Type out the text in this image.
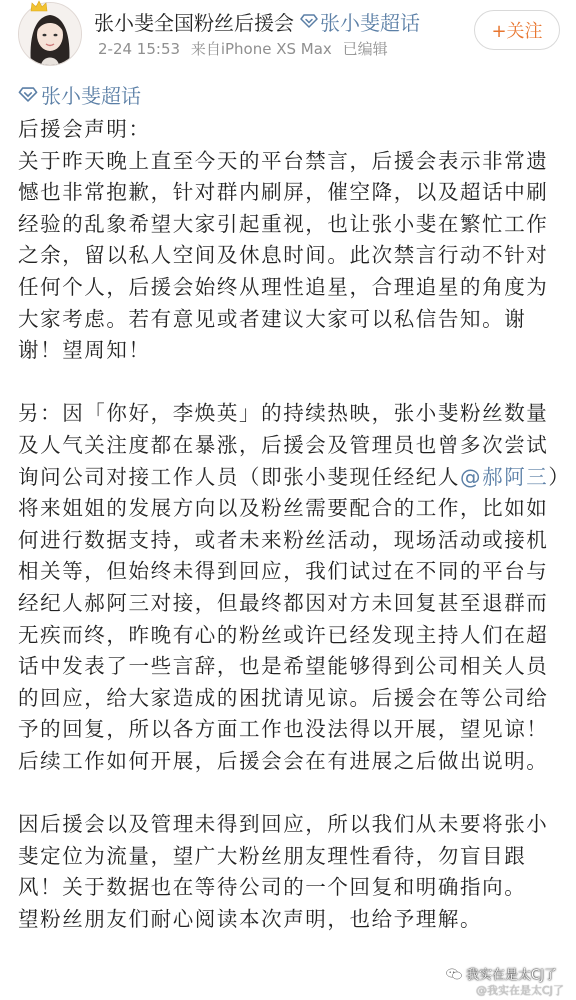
张小斐全国粉丝后援会 张小斐超话
2-24 15:53 来自iPhone XS Max 已编辑
+关注
张小斐超话

后援会声明：

关于昨天晚上直至今天的平台禁言，后援会表示非常遗憾也非常抱歉，针对群内刷屏，催空降，以及超话中刷经验的乱象希望大家引起重视，也让张小斐在繁忙工作之余，留以私人空间及休息时间。此次禁言行动不针对任何个人，后援会始终从理性追星，合理追星的角度为大家考虑。若有意见或者建议大家可以私信告知。谢谢！望周知！

另：因「你好，李焕英」的持续热映，张小斐粉丝数量及人气关注度都在暴涨，后援会及管理员也曾多次尝试询问公司对接工作人员（即张小斐现任经纪人@郝阿三）将来姐姐的发展方向以及粉丝需要配合的工作，比如如何进行数据支持，或者未来粉丝活动，现场活动或接机相关等，但始终未得到回应，我们试过在不同的平台与经纪人郝阿三对接，但最终都因对方未回复甚至退群而无疾而终，昨晚有心的粉丝或许已经发现主持人们在超话中发表了一些言辞，也是希望能够得到公司相关人员的回应，给大家造成的困扰请见谅。后援会在等公司给予的回复，所以各方面工作也没法得以开展，望见谅！后续工作如何开展，后援会会在有进展之后做出说明。

因后援会以及管理未得到回应，所以我们从未要将张小斐定位为流量，望广大粉丝朋友理性看待，勿盲目跟风！关于数据也在等待公司的一个回复和明确指向。

望粉丝朋友们耐心阅读本次声明，也给予理解。

我实在是太CJ了
@我实在是太CJ了
